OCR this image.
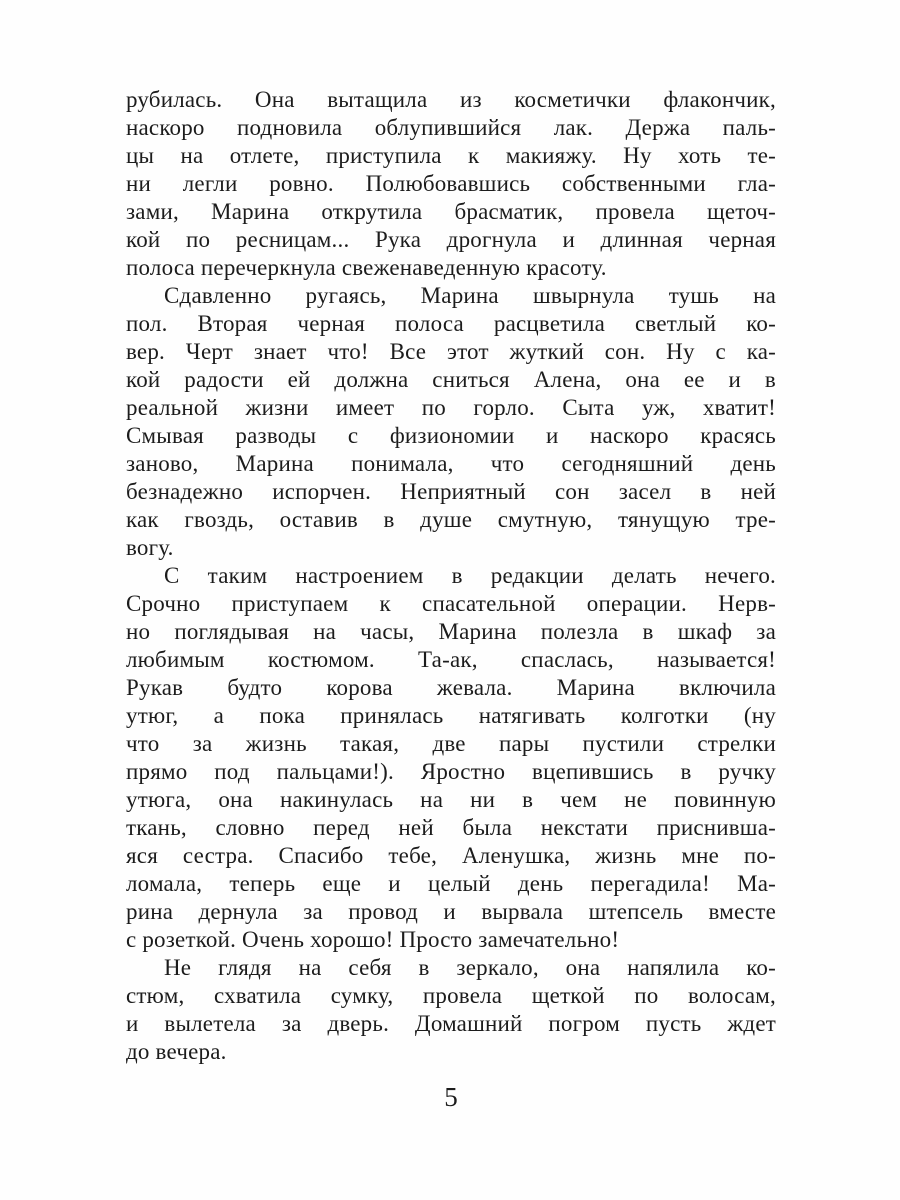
рубилась. Она вытащила из косметички флакончик,
наскоро подновила облупившийся лак. Держа паль-
цы на отлете, приступила к макияжу. Ну хоть те-
ни легли ровно. Полюбовавшись собственными гла-
зами, Марина открутила брасматик, провела щеточ-
кой по ресницам... Рука дрогнула и длинная черная
полоса перечеркнула свеженаведенную красоту.
Сдавленно ругаясь, Марина швырнула тушь на
пол. Вторая черная полоса расцветила светлый ко-
вер. Черт знает что! Все этот жуткий сон. Ну с ка-
кой радости ей должна сниться Алена, она ее и в
реальной жизни имеет по горло. Сыта уж, хватит!
Смывая разводы с физиономии и наскоро красясь
заново, Марина понимала, что сегодняшний день
безнадежно испорчен. Неприятный сон засел в ней
как гвоздь, оставив в душе смутную, тянущую тре-
вогу.
С таким настроением в редакции делать нечего.
Срочно приступаем к спасательной операции. Нерв-
но поглядывая на часы, Марина полезла в шкаф за
любимым костюмом. Та-ак, спаслась, называется!
Рукав будто корова жевала. Марина включила
утюг, а пока принялась натягивать колготки (ну
что за жизнь такая, две пары пустили стрелки
прямо под пальцами!). Яростно вцепившись в ручку
утюга, она накинулась на ни в чем не повинную
ткань, словно перед ней была некстати приснивша-
яся сестра. Спасибо тебе, Аленушка, жизнь мне по-
ломала, теперь еще и целый день перегадила! Ма-
рина дернула за провод и вырвала штепсель вместе
с розеткой. Очень хорошо! Просто замечательно!
Не глядя на себя в зеркало, она напялила ко-
стюм, схватила сумку, провела щеткой по волосам,
и вылетела за дверь. Домашний погром пусть ждет
до вечера.
5
